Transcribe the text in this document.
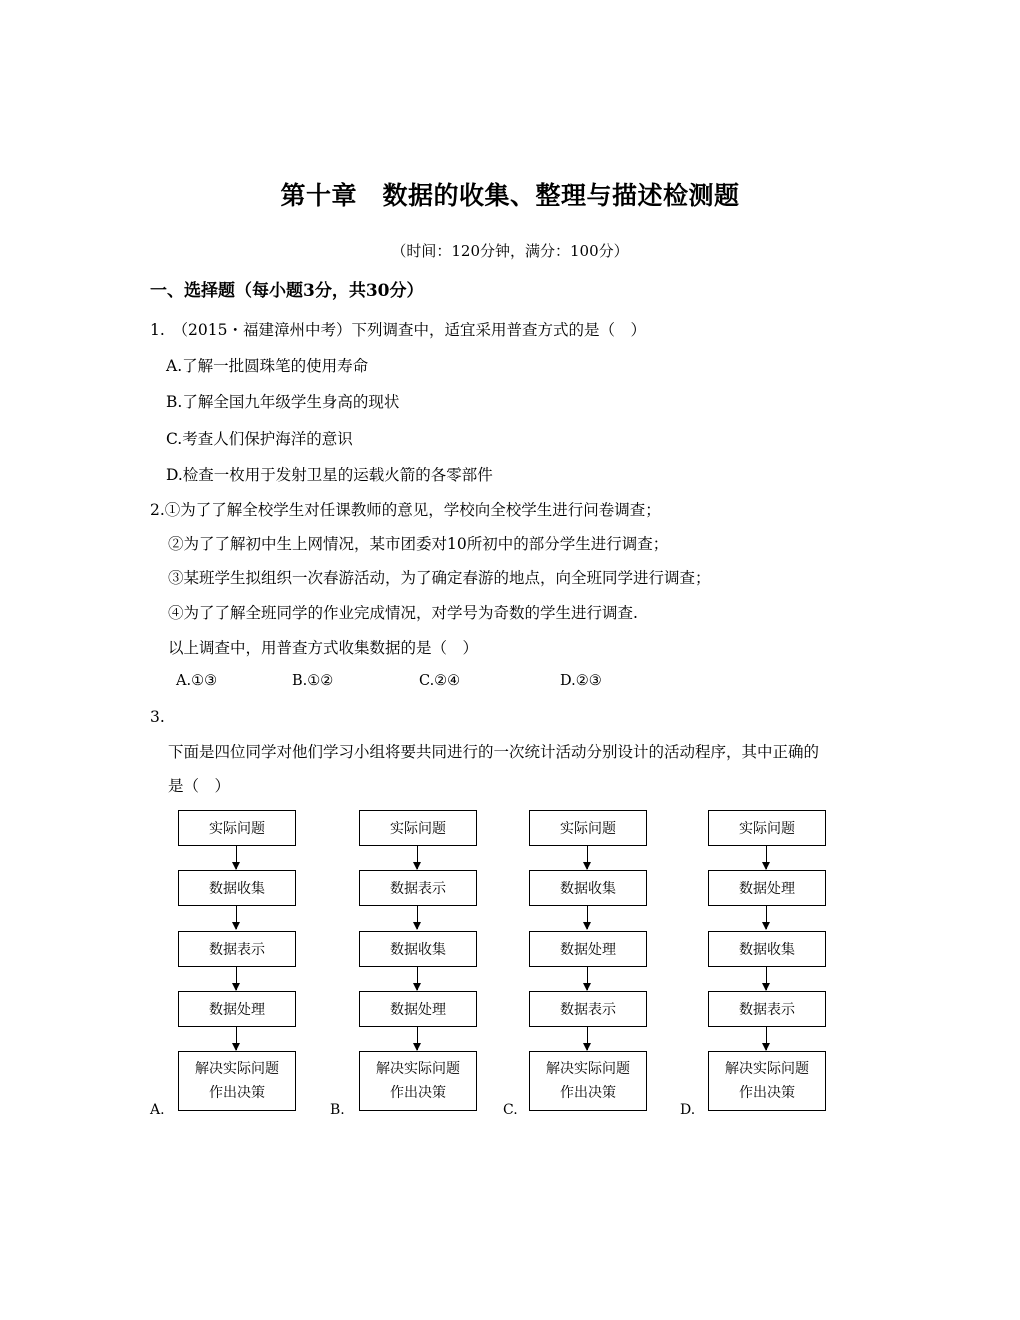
第十章　数据的收集、整理与描述检测题
（时间：120分钟，满分：100分）
一、选择题（每小题3分，共30分）
1.　（2015・福建漳州中考）下列调查中，适宜采用普查方式的是（　）
A.了解一批圆珠笔的使用寿命
B.了解全国九年级学生身高的现状
C.考查人们保护海洋的意识
D.检查一枚用于发射卫星的运载火箭的各零部件
2.①为了了解全校学生对任课教师的意见，学校向全校学生进行问卷调查；
②为了了解初中生上网情况，某市团委对10所初中的部分学生进行调查；
③某班学生拟组织一次春游活动，为了确定春游的地点，向全班同学进行调查；
④为了了解全班同学的作业完成情况，对学号为奇数的学生进行调查.
以上调查中，用普查方式收集数据的是（　）
A.①③	B.①②	C.②④	D.②③
3.
下面是四位同学对他们学习小组将要共同进行的一次统计活动分别设计的活动程序，其中正确的
是（　）
A.
实际问题
数据收集
数据表示
数据处理
解决实际问题
作出决策
B.
实际问题
数据表示
数据收集
数据处理
解决实际问题
作出决策
C.
实际问题
数据收集
数据处理
数据表示
解决实际问题
作出决策
D.
实际问题
数据处理
数据收集
数据表示
解决实际问题
作出决策
